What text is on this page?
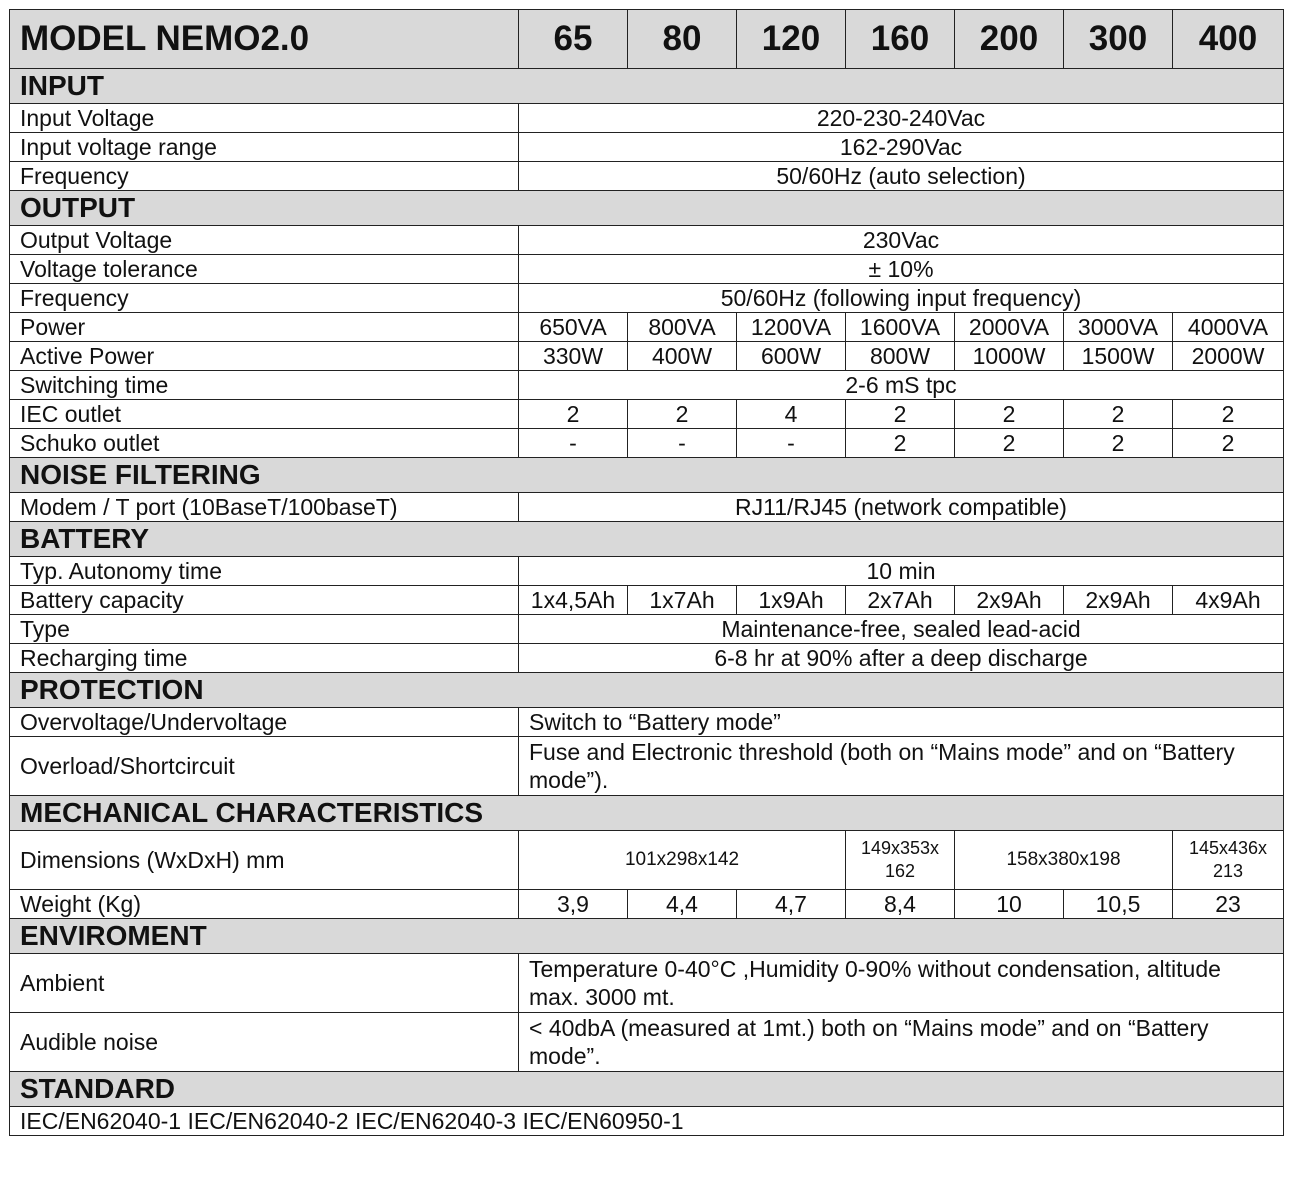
MODEL NEMO2.0	65	80	120	160	200	300	400
INPUT							
Input Voltage	220-230-240Vac						
Input voltage range	162-290Vac						
Frequency	50/60Hz (auto selection)						
OUTPUT							
Output Voltage	230Vac						
Voltage tolerance	± 10%						
Frequency	50/60Hz (following input frequency)						
Power	650VA	800VA	1200VA	1600VA	2000VA	3000VA	4000VA
Active Power	330W	400W	600W	800W	1000W	1500W	2000W
Switching time	2-6 mS tpc						
IEC outlet	2	2	4	2	2	2	2
Schuko outlet	-	-	-	2	2	2	2
NOISE FILTERING							
Modem / T port (10BaseT/100baseT)	RJ11/RJ45 (network compatible)						
BATTERY							
Typ. Autonomy time	10 min						
Battery capacity	1x4,5Ah	1x7Ah	1x9Ah	2x7Ah	2x9Ah	2x9Ah	4x9Ah
Type	Maintenance-free, sealed lead-acid						
Recharging time	6-8 hr at 90% after a deep discharge						
PROTECTION							
Overvoltage/Undervoltage	Switch to “Battery mode”						
Overload/Shortcircuit	Fuse and Electronic threshold (both on “Mains mode” and on “Battery mode”).						
MECHANICAL CHARACTERISTICS							
Dimensions (WxDxH) mm	101x298x142			149x353x 162	158x380x198		145x436x 213
Weight (Kg)	3,9	4,4	4,7	8,4	10	10,5	23
ENVIROMENT							
Ambient	Temperature 0-40°C ,Humidity 0-90% without condensation, altitude max. 3000 mt.						
Audible noise	< 40dbA (measured at 1mt.) both on “Mains mode” and on “Battery mode”.						
STANDARD							
IEC/EN62040-1 IEC/EN62040-2 IEC/EN62040-3 IEC/EN60950-1							
